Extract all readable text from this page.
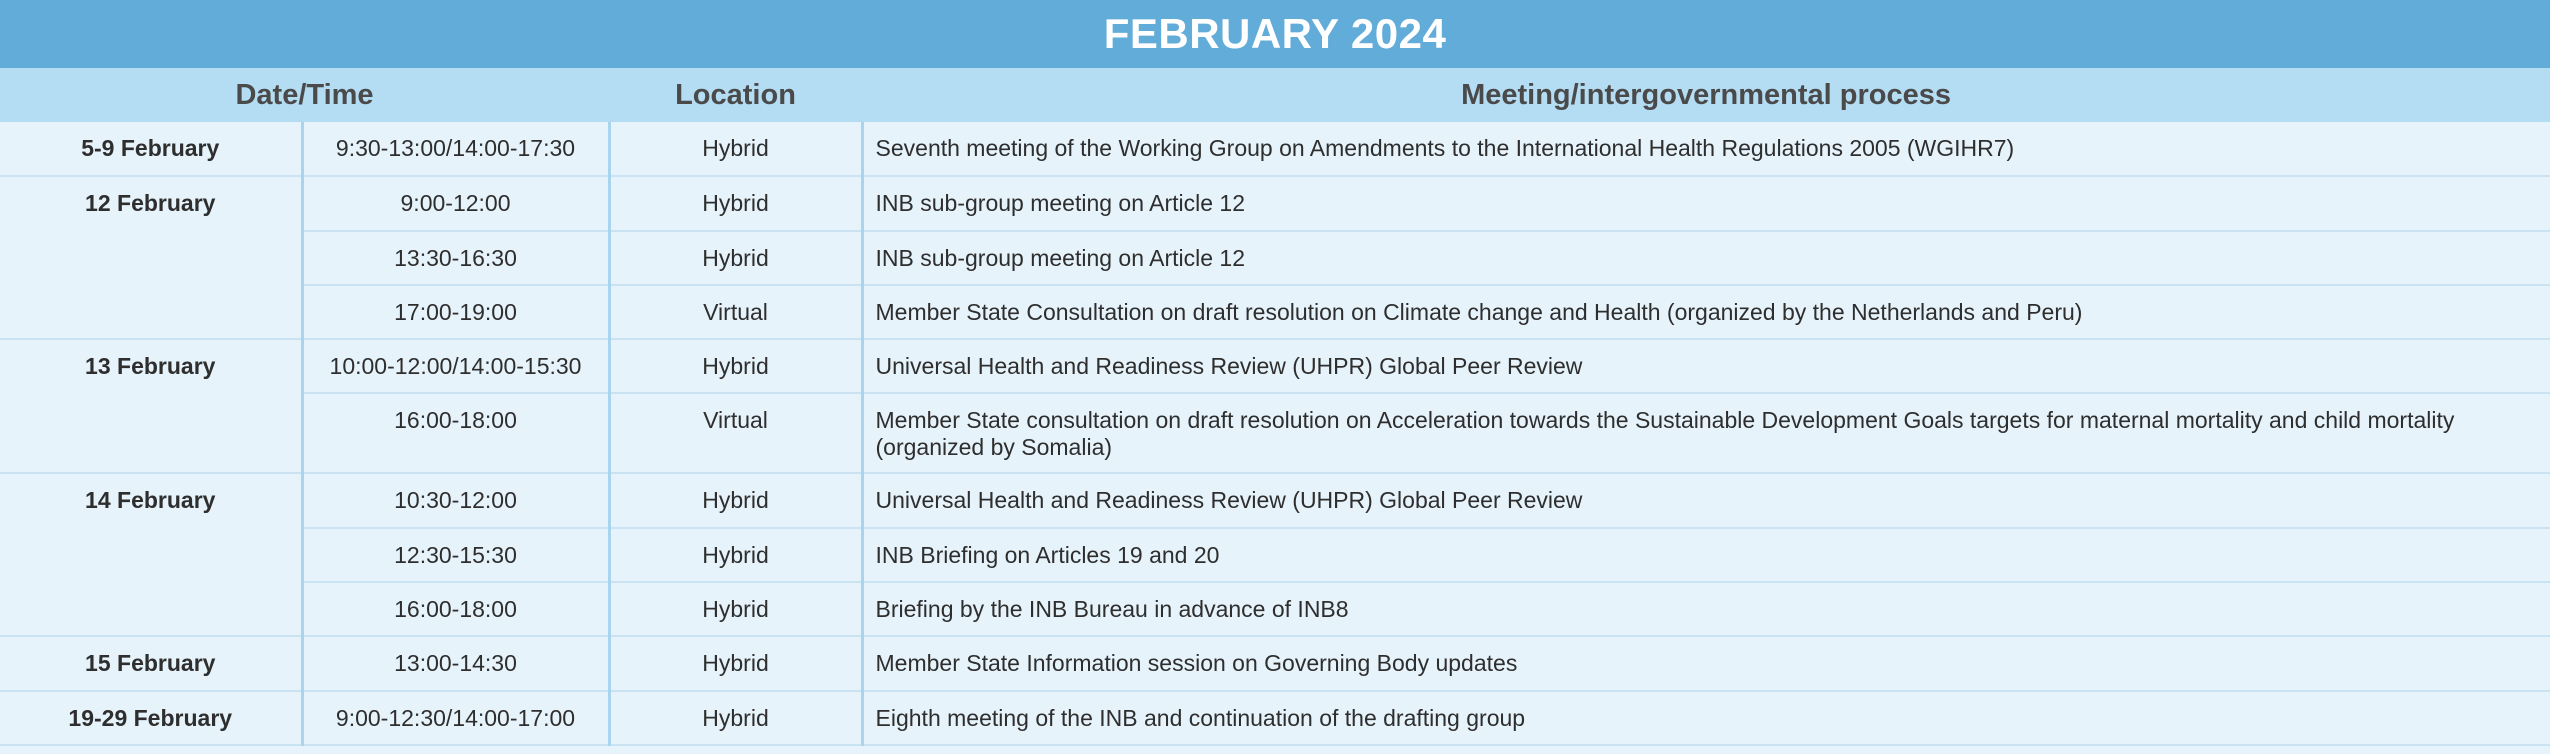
FEBRUARY 2024
Date/Time		Location	Meeting/intergovernmental process

5-9 February	9:30-13:00/14:00-17:30	Hybrid	Seventh meeting of the Working Group on Amendments to the International Health Regulations 2005 (WGIHR7)

12 February	9:00-12:00	Hybrid	INB sub-group meeting on Article 12

	13:30-16:30	Hybrid	INB sub-group meeting on Article 12

	17:00-19:00	Virtual	Member State Consultation on draft resolution on Climate change and Health (organized by the Netherlands and Peru)

13 February	10:00-12:00/14:00-15:30	Hybrid	Universal Health and Readiness Review (UHPR) Global Peer Review

	16:00-18:00	Virtual	Member State consultation on draft resolution on Acceleration towards the Sustainable Development Goals targets for maternal mortality and child mortality (organized by Somalia)

14 February	10:30-12:00	Hybrid	Universal Health and Readiness Review (UHPR) Global Peer Review

	12:30-15:30	Hybrid	INB Briefing on Articles 19 and 20

	16:00-18:00	Hybrid	Briefing by the INB Bureau in advance of INB8

15 February	13:00-14:30	Hybrid	Member State Information session on Governing Body updates

19-29 February	9:00-12:30/14:00-17:00	Hybrid	Eighth meeting of the INB and continuation of the drafting group
